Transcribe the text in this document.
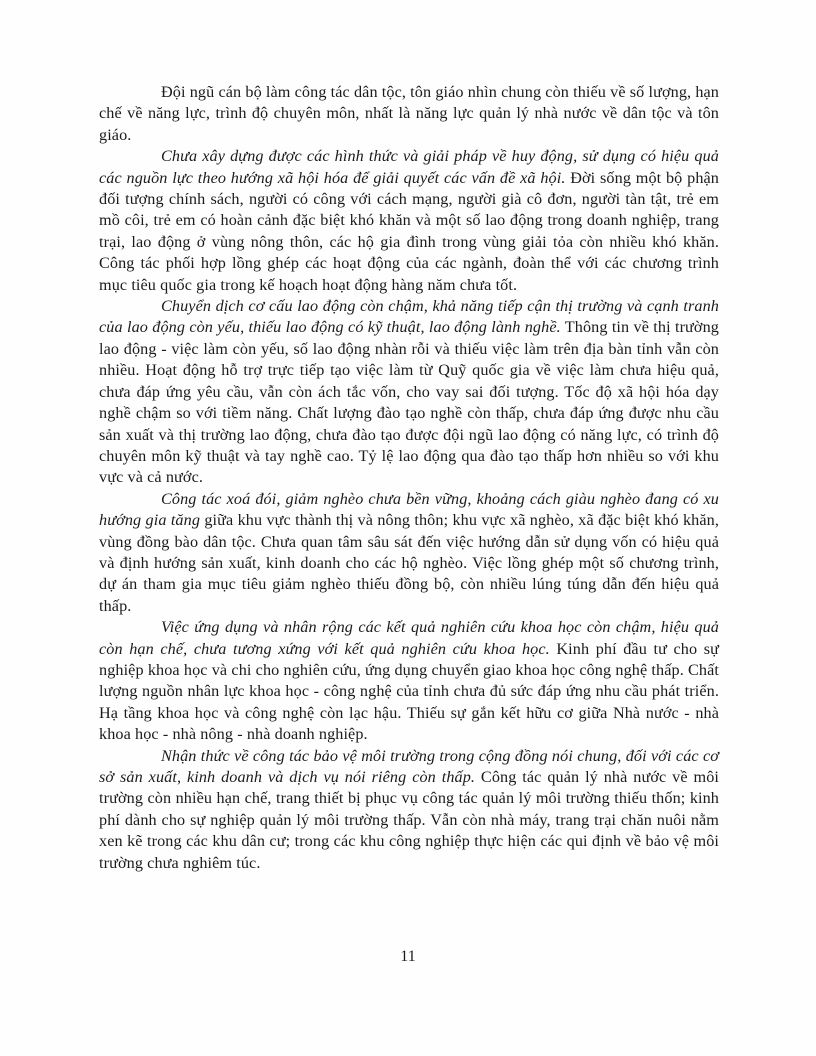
Đội ngũ cán bộ làm công tác dân tộc, tôn giáo nhìn chung còn thiếu về số lượng, hạn chế về năng lực, trình độ chuyên môn, nhất là năng lực quản lý nhà nước về dân tộc và tôn giáo.

Chưa xây dựng được các hình thức và giải pháp về huy động, sử dụng có hiệu quả các nguồn lực theo hướng xã hội hóa để giải quyết các vấn đề xã hội. Đời sống một bộ phận đối tượng chính sách, người có công với cách mạng, người già cô đơn, người tàn tật, trẻ em mồ côi, trẻ em có hoàn cảnh đặc biệt khó khăn và một số lao động trong doanh nghiệp, trang trại, lao động ở vùng nông thôn, các hộ gia đình trong vùng giải tỏa còn nhiều khó khăn. Công tác phối hợp lồng ghép các hoạt động của các ngành, đoàn thể với các chương trình mục tiêu quốc gia trong kế hoạch hoạt động hàng năm chưa tốt.

Chuyển dịch cơ cấu lao động còn chậm, khả năng tiếp cận thị trường và cạnh tranh của lao động còn yếu, thiếu lao động có kỹ thuật, lao động lành nghề. Thông tin về thị trường lao động - việc làm còn yếu, số lao động nhàn rỗi và thiếu việc làm trên địa bàn tỉnh vẫn còn nhiều. Hoạt động hỗ trợ trực tiếp tạo việc làm từ Quỹ quốc gia về việc làm chưa hiệu quả, chưa đáp ứng yêu cầu, vẫn còn ách tắc vốn, cho vay sai đối tượng. Tốc độ xã hội hóa dạy nghề chậm so với tiềm năng. Chất lượng đào tạo nghề còn thấp, chưa đáp ứng được nhu cầu sản xuất và thị trường lao động, chưa đào tạo được đội ngũ lao động có năng lực, có trình độ chuyên môn kỹ thuật và tay nghề cao. Tỷ lệ lao động qua đào tạo thấp hơn nhiều so với khu vực và cả nước.

Công tác xoá đói, giảm nghèo chưa bền vững, khoảng cách giàu nghèo đang có xu hướng gia tăng giữa khu vực thành thị và nông thôn; khu vực xã nghèo, xã đặc biệt khó khăn, vùng đồng bào dân tộc. Chưa quan tâm sâu sát đến việc hướng dẫn sử dụng vốn có hiệu quả và định hướng sản xuất, kinh doanh cho các hộ nghèo. Việc lồng ghép một số chương trình, dự án tham gia mục tiêu giảm nghèo thiếu đồng bộ, còn nhiều lúng túng dẫn đến hiệu quả thấp.

Việc ứng dụng và nhân rộng các kết quả nghiên cứu khoa học còn chậm, hiệu quả còn hạn chế, chưa tương xứng với kết quả nghiên cứu khoa học. Kinh phí đầu tư cho sự nghiệp khoa học và chi cho nghiên cứu, ứng dụng chuyển giao khoa học công nghệ thấp. Chất lượng nguồn nhân lực khoa học - công nghệ của tỉnh chưa đủ sức đáp ứng nhu cầu phát triển. Hạ tầng khoa học và công nghệ còn lạc hậu. Thiếu sự gắn kết hữu cơ giữa Nhà nước - nhà khoa học - nhà nông - nhà doanh nghiệp.

Nhận thức về công tác bảo vệ môi trường trong cộng đồng nói chung, đối với các cơ sở sản xuất, kinh doanh và dịch vụ nói riêng còn thấp. Công tác quản lý nhà nước về môi trường còn nhiều hạn chế, trang thiết bị phục vụ công tác quản lý môi trường thiếu thốn; kinh phí dành cho sự nghiệp quản lý môi trường thấp. Vẫn còn nhà máy, trang trại chăn nuôi nằm xen kẽ trong các khu dân cư; trong các khu công nghiệp thực hiện các qui định về bảo vệ môi trường chưa nghiêm túc.

11
